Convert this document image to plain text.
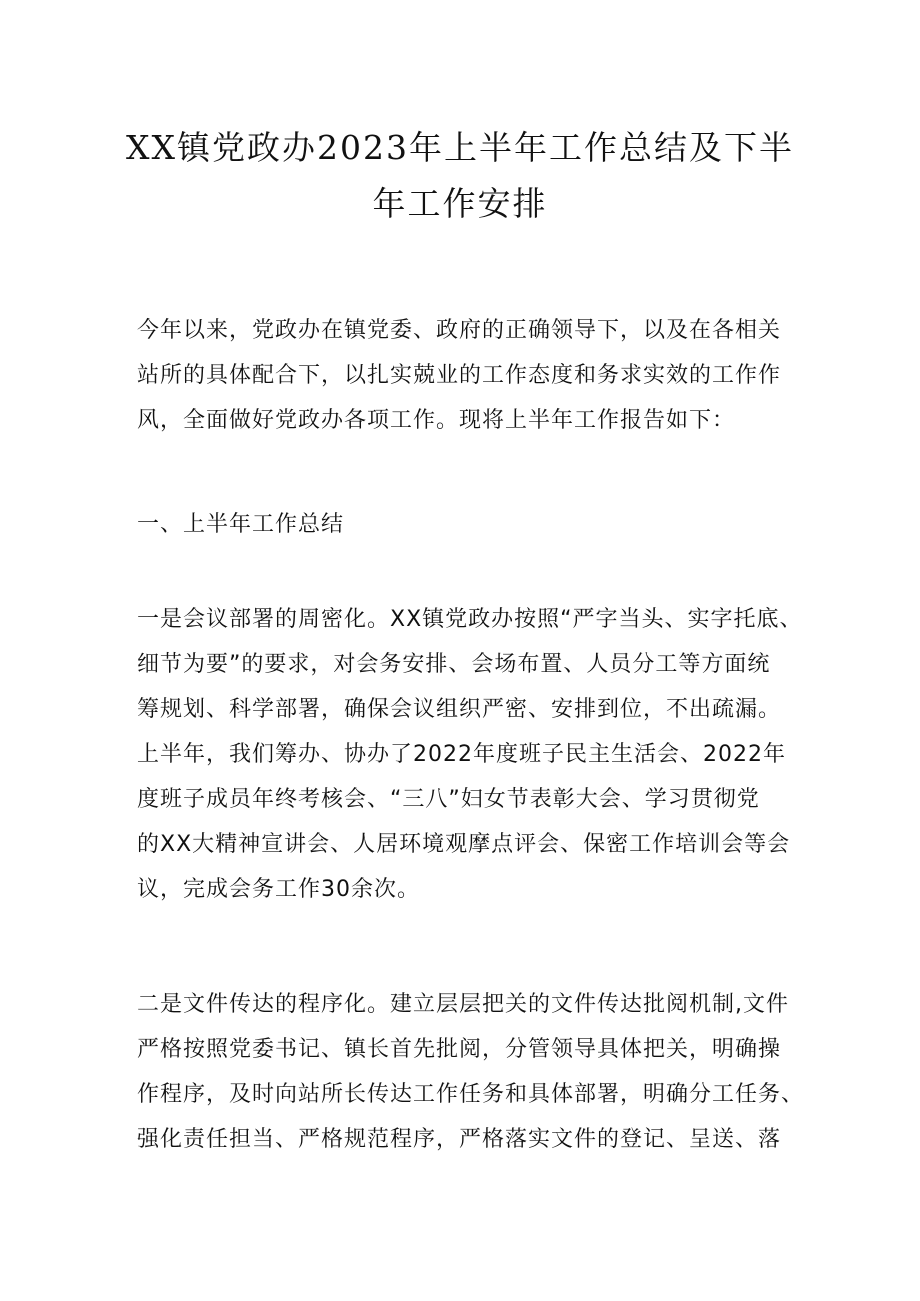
XX镇党政办2023年上半年工作总结及下半
年工作安排
今年以来，党政办在镇党委、政府的正确领导下，以及在各相关
站所的具体配合下，以扎实兢业的工作态度和务求实效的工作作
风，全面做好党政办各项工作。现将上半年工作报告如下：
一、上半年工作总结
一是会议部署的周密化。XX镇党政办按照“严字当头、实字托底、
细节为要”的要求，对会务安排、会场布置、人员分工等方面统
筹规划、科学部署，确保会议组织严密、安排到位，不出疏漏。
上半年，我们筹办、协办了2022年度班子民主生活会、2022年
度班子成员年终考核会、“三八”妇女节表彰大会、学习贯彻党
的XX大精神宣讲会、人居环境观摩点评会、保密工作培训会等会
议，完成会务工作30余次。
二是文件传达的程序化。建立层层把关的文件传达批阅机制,文件
严格按照党委书记、镇长首先批阅，分管领导具体把关，明确操
作程序，及时向站所长传达工作任务和具体部署，明确分工任务、
强化责任担当、严格规范程序，严格落实文件的登记、呈送、落
